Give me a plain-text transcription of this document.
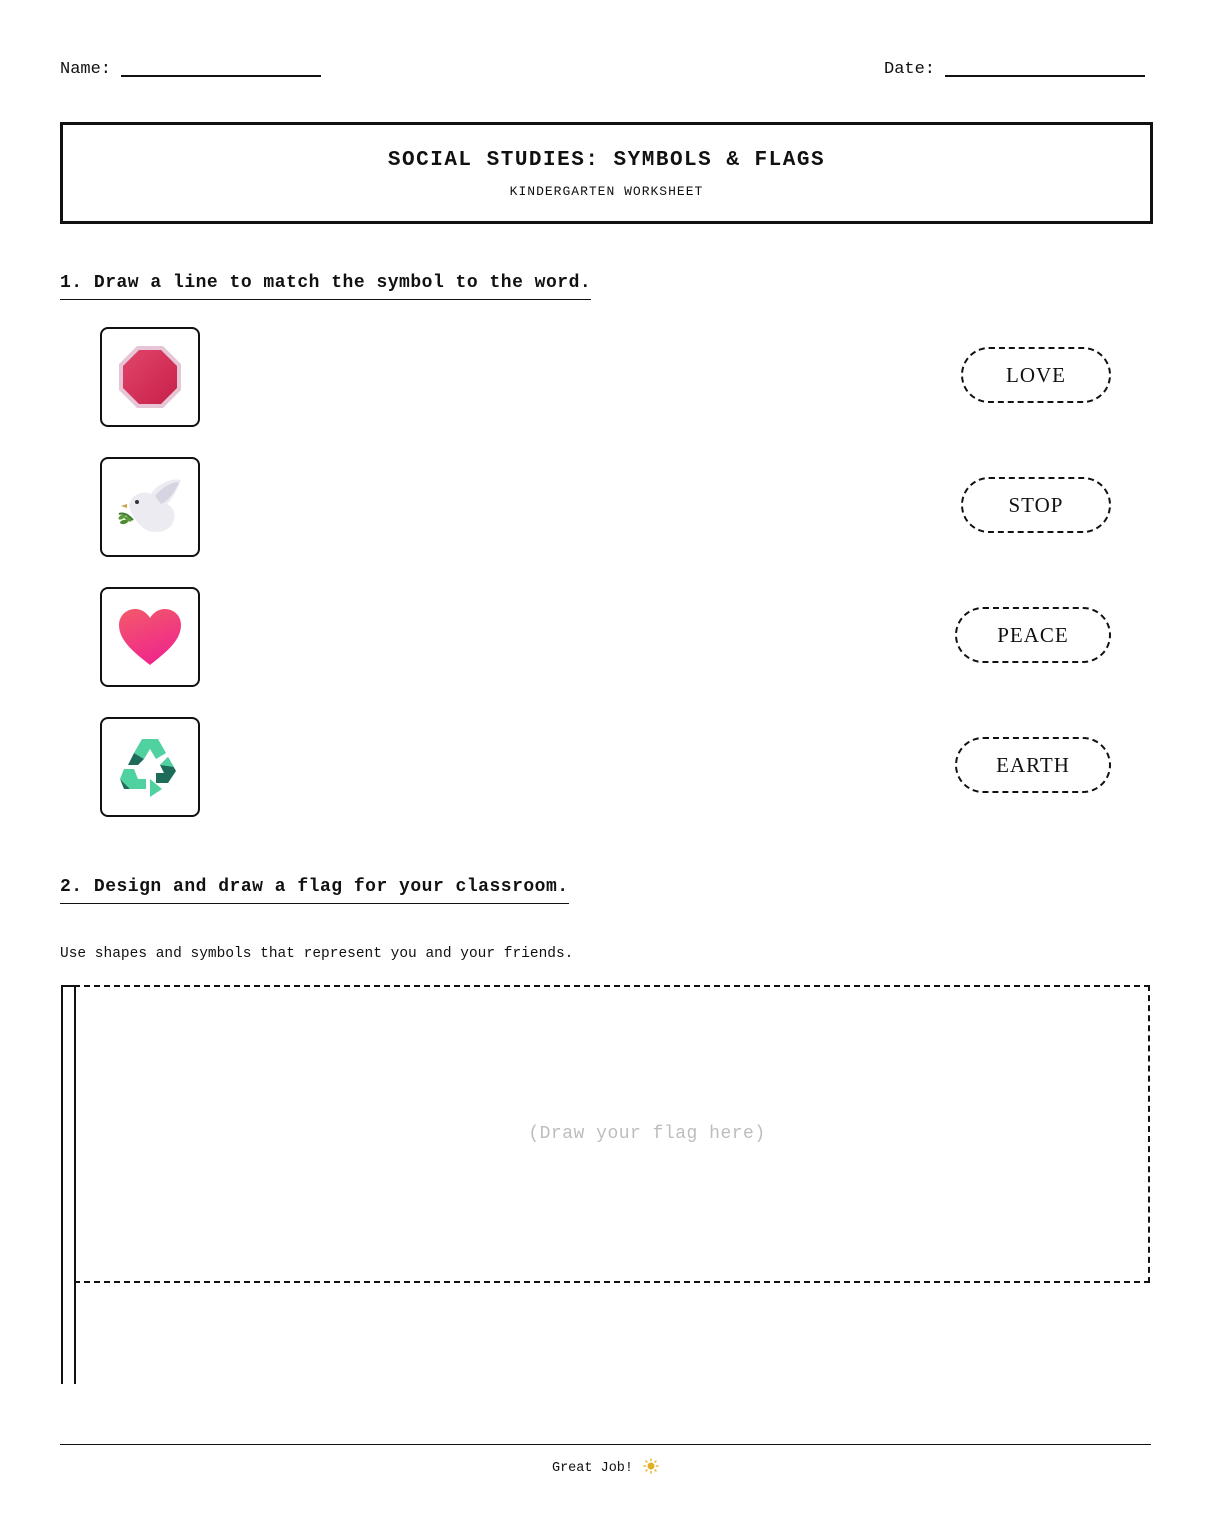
Name:	Date:
SOCIAL STUDIES: SYMBOLS & FLAGS
KINDERGARTEN WORKSHEET
1. Draw a line to match the symbol to the word.
LOVE
STOP
PEACE
EARTH
2. Design and draw a flag for your classroom.
Use shapes and symbols that represent you and your friends.
(Draw your flag here)
Great Job!
